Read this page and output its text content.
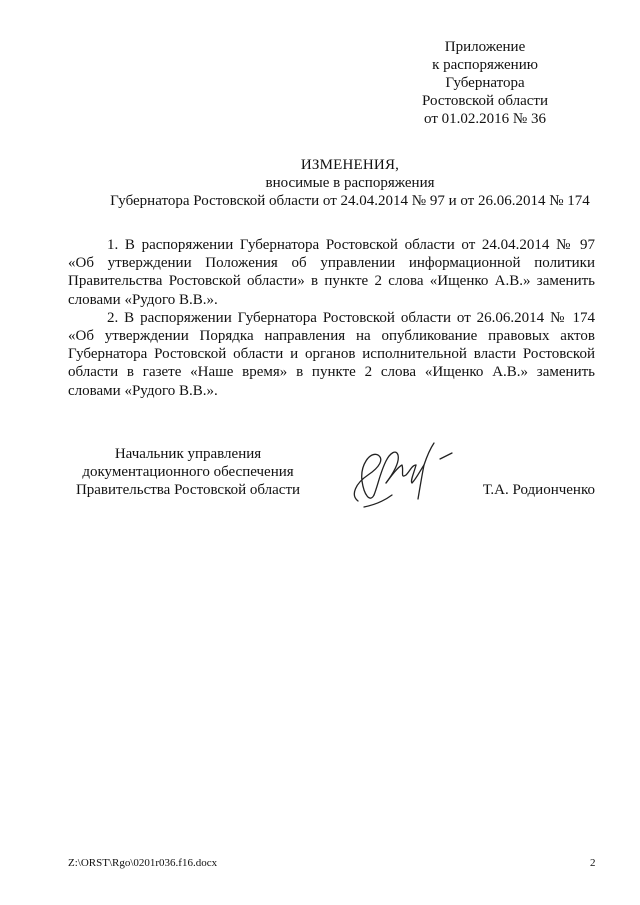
Приложение
к распоряжению
Губернатора
Ростовской области
от 01.02.2016 № 36
ИЗМЕНЕНИЯ,
вносимые в распоряжения
Губернатора Ростовской области от 24.04.2014 № 97 и от 26.06.2014 № 174

1. В распоряжении Губернатора Ростовской области от 24.04.2014 № 97 «Об утверждении Положения об управлении информационной политики Правительства Ростовской области» в пункте 2 слова «Ищенко А.В.» заменить словами «Рудого В.В.».

2. В распоряжении Губернатора Ростовской области от 26.06.2014 № 174 «Об утверждении Порядка направления на опубликование правовых актов Губернатора Ростовской области и органов исполнительной власти Ростовской области в газете «Наше время» в пункте 2 слова «Ищенко А.В.» заменить словами «Рудого В.В.».

Начальник управления
документационного обеспечения
Правительства Ростовской области	Т.А. Родионченко
Z:\ORST\Rgo\0201r036.f16.docx	2
